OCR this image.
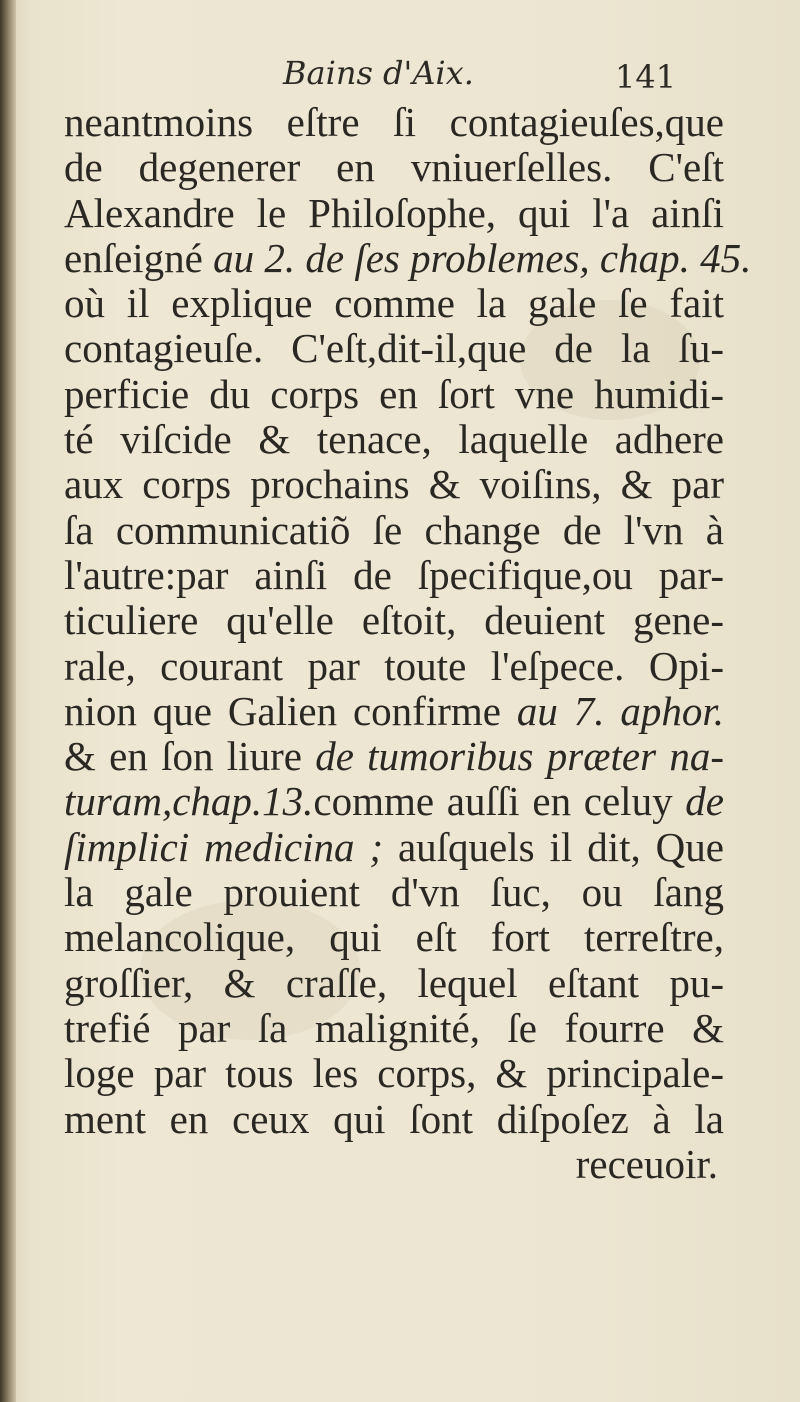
Bains d'Aix.	141
neantmoins eſtre ſi contagieuſes,que
de degenerer en vniuerſelles. C'eſt
Alexandre le Philoſophe, qui l'a ainſi
enſeigné au 2. de ſes problemes, chap. 45.
où il explique comme la gale ſe fait
contagieuſe. C'eſt,dit-il,que de la ſu-
perficie du corps en ſort vne humidi-
té viſcide & tenace, laquelle adhere
aux corps prochains & voiſins, & par
ſa communicatiõ ſe change de l'vn à
l'autre:par ainſi de ſpecifique,ou par-
ticuliere qu'elle eſtoit, deuient gene-
rale, courant par toute l'eſpece. Opi-
nion que Galien confirme au 7. aphor.
& en ſon liure de tumoribus præter na-
turam,chap.13.comme auſſi en celuy de
ſimplici medicina ; auſquels il dit, Que
la gale prouient d'vn ſuc, ou ſang
melancolique, qui eſt fort terreſtre,
groſſier, & craſſe, lequel eſtant pu-
trefié par ſa malignité, ſe fourre &
loge par tous les corps, & principale-
ment en ceux qui ſont diſpoſez à la
receuoir.
